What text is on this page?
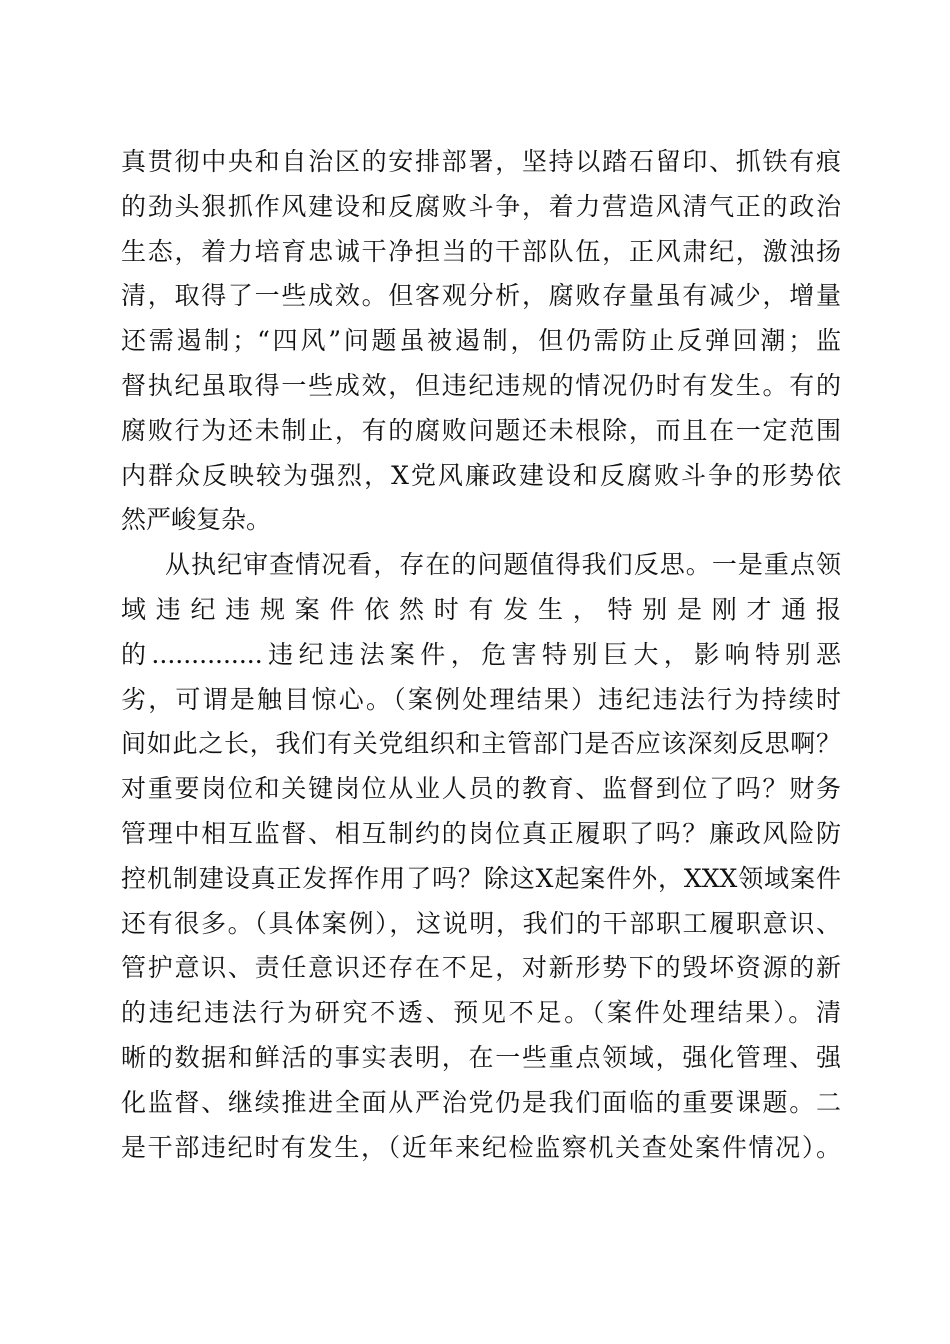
真贯彻中央和自治区的安排部署，坚持以踏石留印、抓铁有痕
的劲头狠抓作风建设和反腐败斗争，着力营造风清气正的政治
生态，着力培育忠诚干净担当的干部队伍，正风肃纪，激浊扬
清，取得了一些成效。但客观分析，腐败存量虽有减少，增量
还需遏制；“四风”问题虽被遏制，但仍需防止反弹回潮；监
督执纪虽取得一些成效，但违纪违规的情况仍时有发生。有的
腐败行为还未制止，有的腐败问题还未根除，而且在一定范围
内群众反映较为强烈，X党风廉政建设和反腐败斗争的形势依
然严峻复杂。
从执纪审查情况看，存在的问题值得我们反思。一是重点领
域违纪违规案件依然时有发生，特别是刚才通报
的..............违纪违法案件，危害特别巨大，影响特别恶
劣，可谓是触目惊心。（案例处理结果）违纪违法行为持续时
间如此之长，我们有关党组织和主管部门是否应该深刻反思啊？
对重要岗位和关键岗位从业人员的教育、监督到位了吗？财务
管理中相互监督、相互制约的岗位真正履职了吗？廉政风险防
控机制建设真正发挥作用了吗？除这X起案件外，XXX领域案件
还有很多。（具体案例），这说明，我们的干部职工履职意识、
管护意识、责任意识还存在不足，对新形势下的毁坏资源的新
的违纪违法行为研究不透、预见不足。（案件处理结果）。清
晰的数据和鲜活的事实表明，在一些重点领域，强化管理、强
化监督、继续推进全面从严治党仍是我们面临的重要课题。二
是干部违纪时有发生，（近年来纪检监察机关查处案件情况）。
